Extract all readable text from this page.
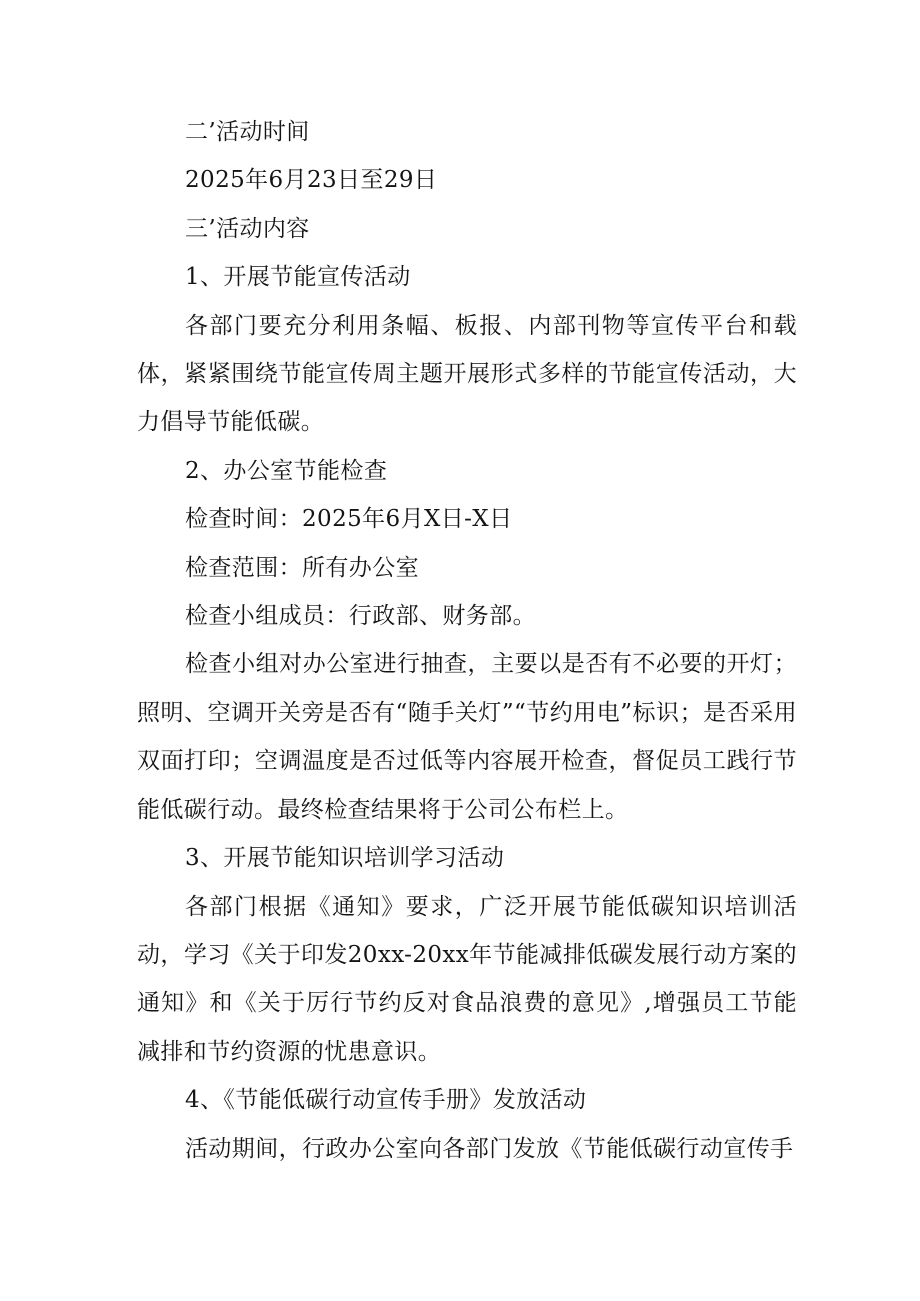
二’活动时间

2025年6月23日至29日

三’活动内容

1、开展节能宣传活动

各部门要充分利用条幅、板报、内部刊物等宣传平台和载体，紧紧围绕节能宣传周主题开展形式多样的节能宣传活动，大力倡导节能低碳。

2、办公室节能检查

检查时间：2025年6月X日-X日

检查范围：所有办公室

检查小组成员：行政部、财务部。

检查小组对办公室进行抽查，主要以是否有不必要的开灯；照明、空调开关旁是否有“随手关灯”“节约用电”标识；是否采用双面打印；空调温度是否过低等内容展开检查，督促员工践行节能低碳行动。最终检查结果将于公司公布栏上。

3、开展节能知识培训学习活动

各部门根据《通知》要求，广泛开展节能低碳知识培训活动，学习《关于印发20xx-20xx年节能减排低碳发展行动方案的通知》和《关于厉行节约反对食品浪费的意见》,增强员工节能减排和节约资源的忧患意识。

4、《节能低碳行动宣传手册》发放活动

活动期间，行政办公室向各部门发放《节能低碳行动宣传手
